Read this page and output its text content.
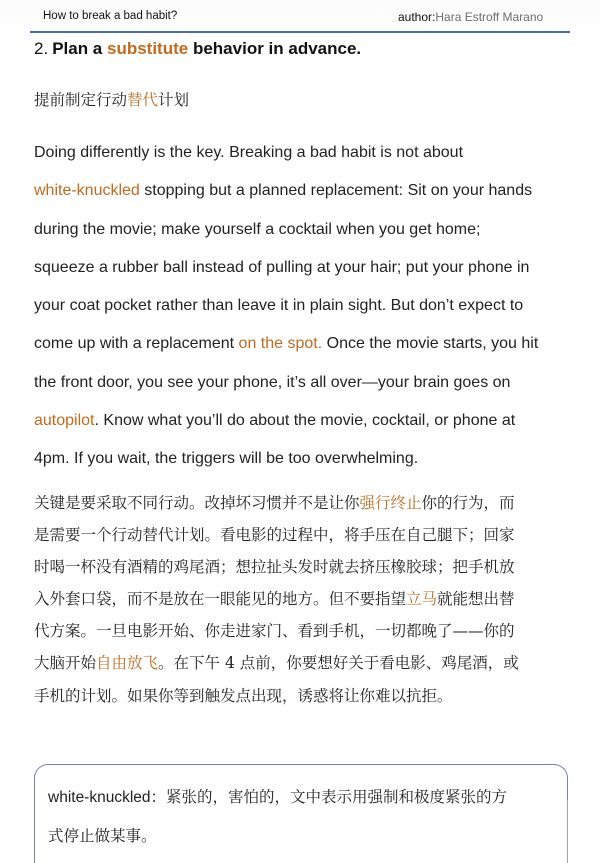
How to break a bad habit?	author:Hara Estroff Marano
2. Plan a substitute behavior in advance.
提前制定行动替代计划
Doing differently is the key. Breaking a bad habit is not about
white-knuckled stopping but a planned replacement: Sit on your hands
during the movie; make yourself a cocktail when you get home;
squeeze a rubber ball instead of pulling at your hair; put your phone in
your coat pocket rather than leave it in plain sight. But don’t expect to
come up with a replacement on the spot. Once the movie starts, you hit
the front door, you see your phone, it’s all over—your brain goes on
autopilot. Know what you’ll do about the movie, cocktail, or phone at
4pm. If you wait, the triggers will be too overwhelming.
关键是要采取不同行动。改掉坏习惯并不是让你强行终止你的行为，而
是需要一个行动替代计划。看电影的过程中，将手压在自己腿下；回家
时喝一杯没有酒精的鸡尾酒；想拉扯头发时就去挤压橡胶球；把手机放
入外套口袋，而不是放在一眼能见的地方。但不要指望立马就能想出替
代方案。一旦电影开始、你走进家门、看到手机，一切都晚了——你的
大脑开始自由放飞。在下午 4 点前，你要想好关于看电影、鸡尾酒，或
手机的计划。如果你等到触发点出现，诱惑将让你难以抗拒。
white-knuckled：紧张的，害怕的，文中表示用强制和极度紧张的方
式停止做某事。
